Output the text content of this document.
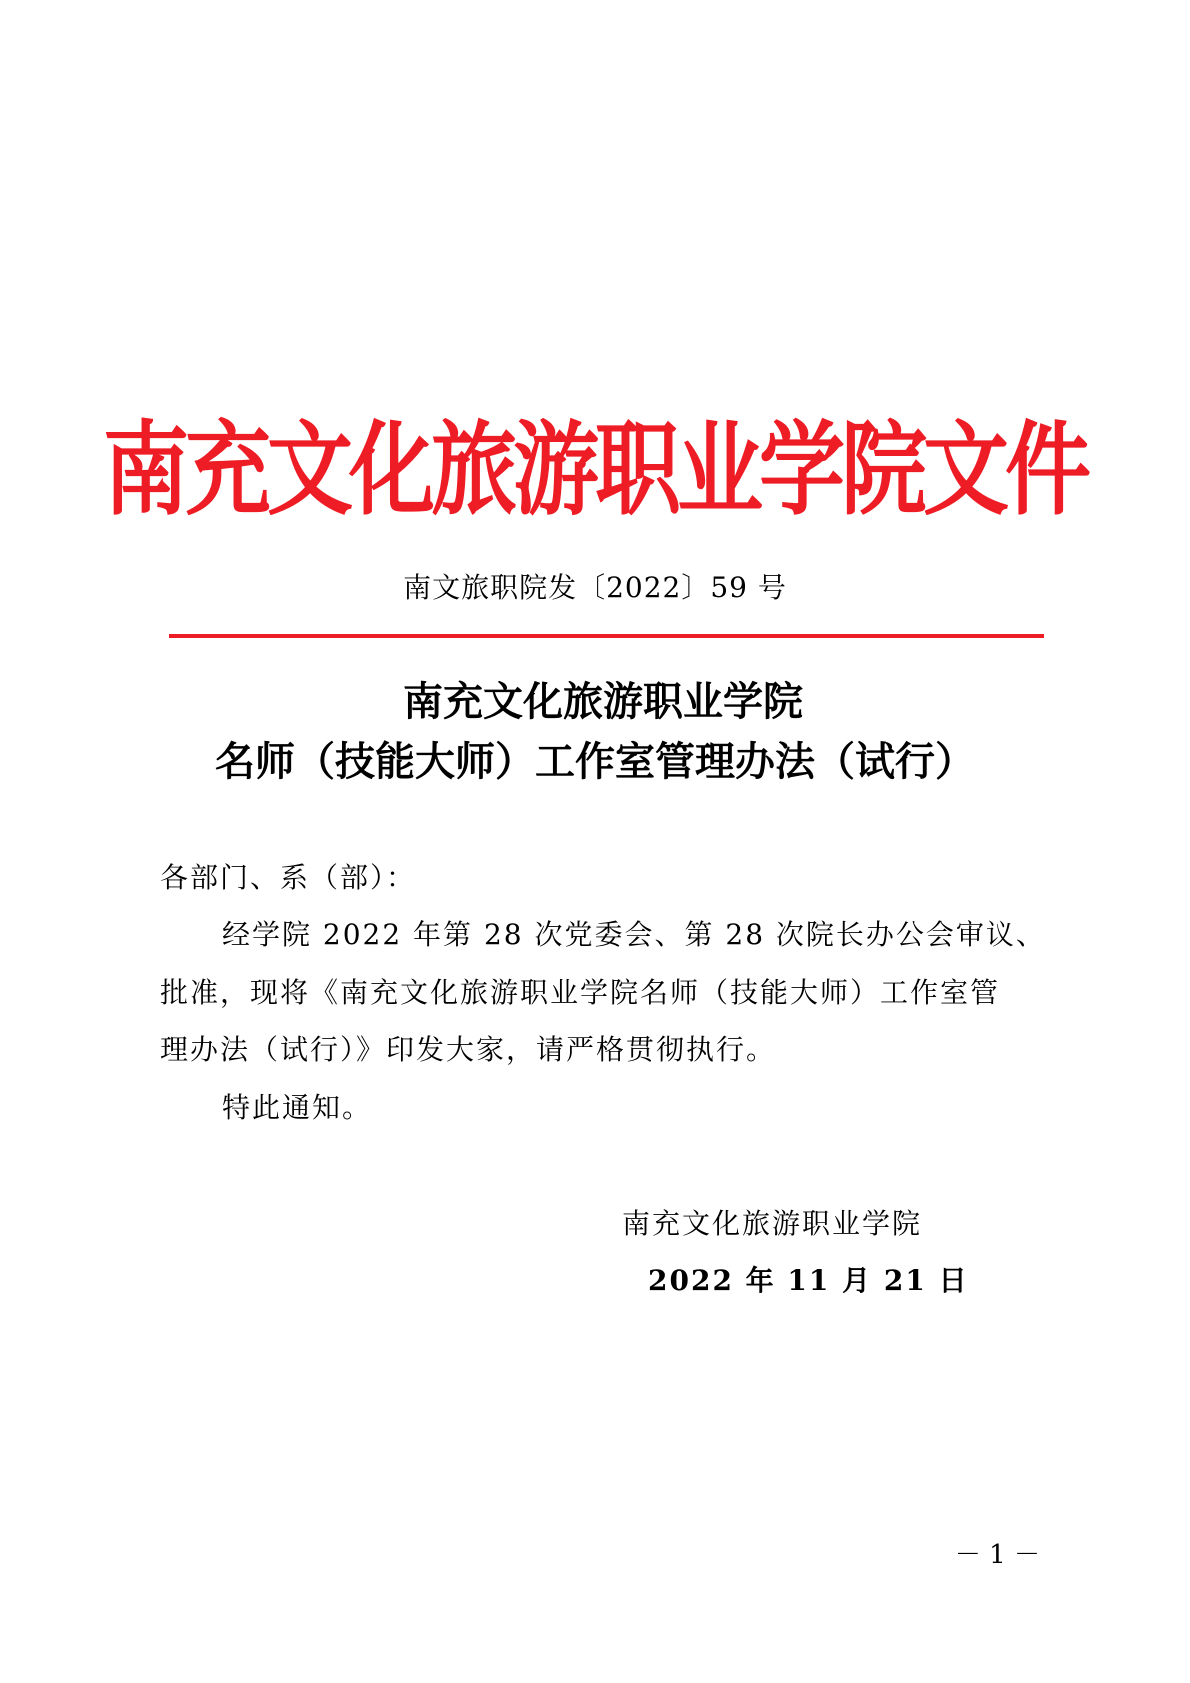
南充文化旅游职业学院文件
南文旅职院发〔2022〕59 号
南充文化旅游职业学院
名师（技能大师）工作室管理办法（试行）
各部门、系（部）：
经学院 2022 年第 28 次党委会、第 28 次院长办公会审议、
批准，现将《南充文化旅游职业学院名师（技能大师）工作室管
理办法（试行）》印发大家，请严格贯彻执行。
特此通知。
南充文化旅游职业学院
2022 年 11 月 21 日
－ 1 －
